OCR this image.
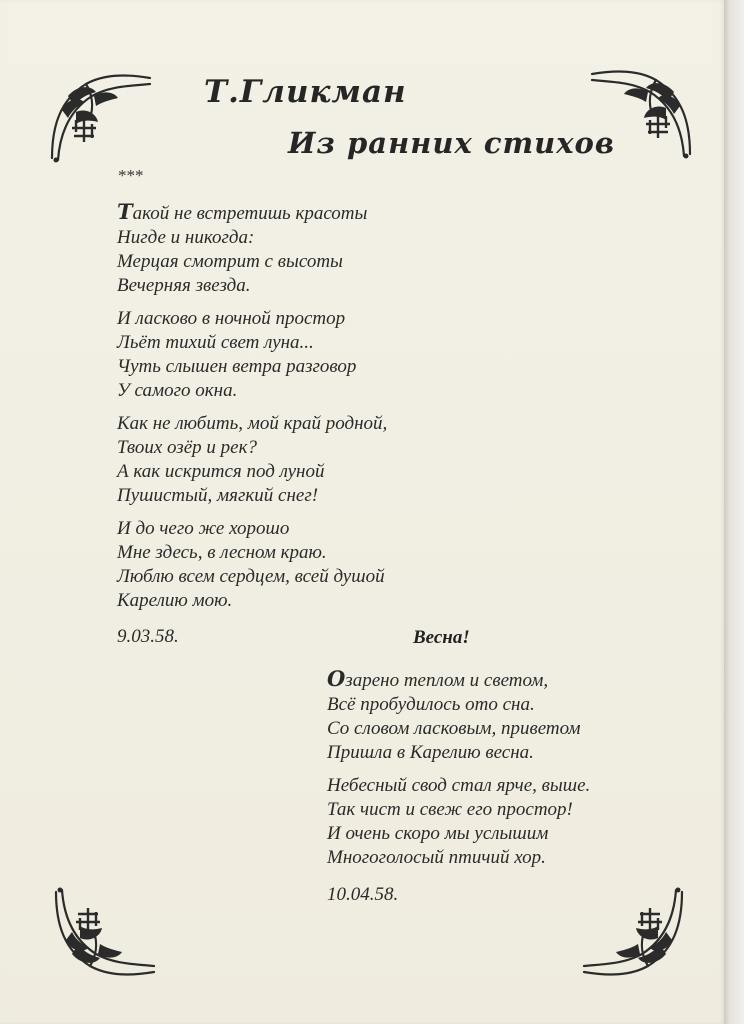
Т.Гликман
Из ранних стихов
***
Такой не встретишь красоты
Нигде и никогда:
Мерцая смотрит с высоты
Вечерняя звезда.
И ласково в ночной простор
Льёт тихий свет луна...
Чуть слышен ветра разговор
У самого окна.
Как не любить, мой край родной,
Твоих озёр и рек?
А как искрится под луной
Пушистый, мягкий снег!
И до чего же хорошо
Мне здесь, в лесном краю.
Люблю всем сердцем, всей душой
Карелию мою.
9.03.58.	Весна!
Озарено теплом и светом,
Всё пробудилось ото сна.
Со словом ласковым, приветом
Пришла в Карелию весна.
Небесный свод стал ярче, выше.
Так чист и свеж его простор!
И очень скоро мы услышим
Многоголосый птичий хор.
10.04.58.
